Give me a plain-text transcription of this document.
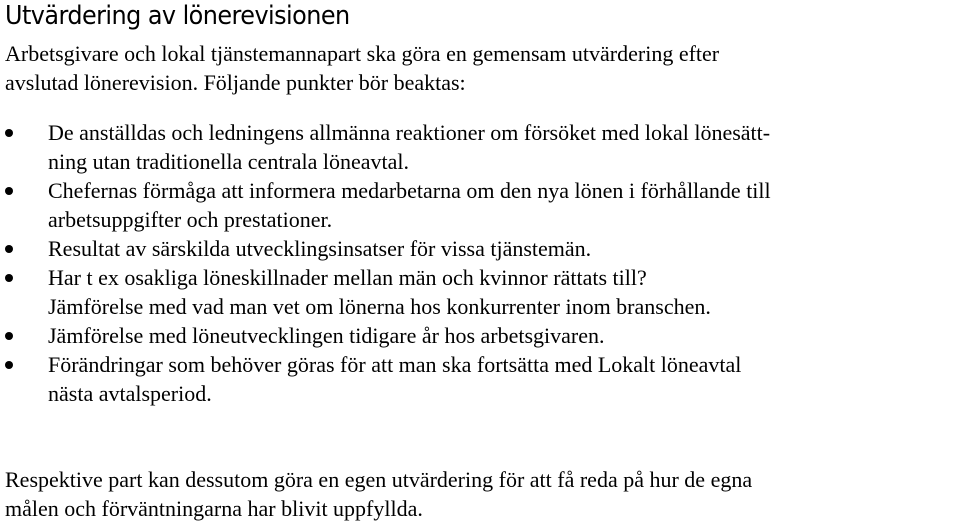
Utvärdering av lönerevisionen

Arbetsgivare och lokal tjänstemannapart ska göra en gemensam utvärdering efter
avslutad lönerevision. Följande punkter bör beaktas:

De anställdas och ledningens allmänna reaktioner om försöket med lokal lönesätt-
ning utan traditionella centrala löneavtal.
Chefernas förmåga att informera medarbetarna om den nya lönen i förhållande till
arbetsuppgifter och prestationer.
Resultat av särskilda utvecklingsinsatser för vissa tjänstemän.
Har t ex osakliga löneskillnader mellan män och kvinnor rättats till?
Jämförelse med vad man vet om lönerna hos konkurrenter inom branschen.
Jämförelse med löneutvecklingen tidigare år hos arbetsgivaren.
Förändringar som behöver göras för att man ska fortsätta med Lokalt löneavtal
nästa avtalsperiod.

Respektive part kan dessutom göra en egen utvärdering för att få reda på hur de egna
målen och förväntningarna har blivit uppfyllda.
